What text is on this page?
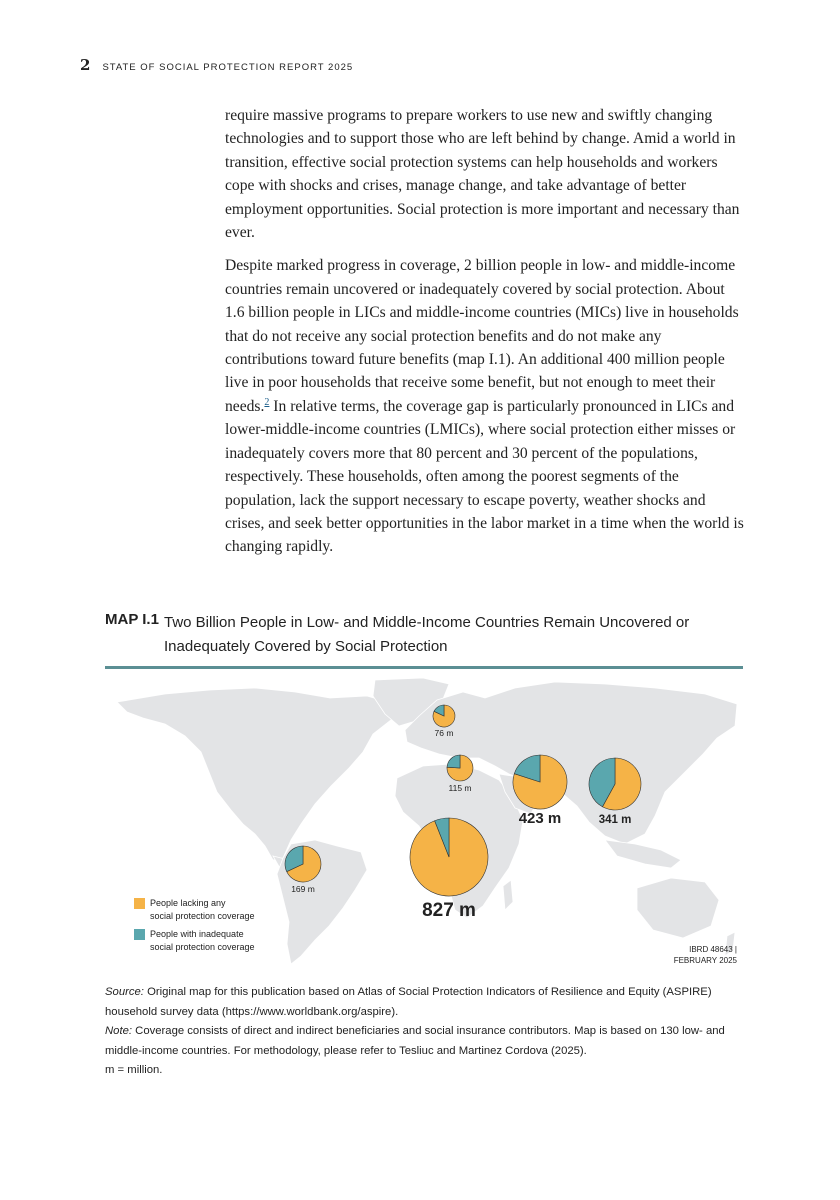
2 STATE OF SOCIAL PROTECTION REPORT 2025

require massive programs to prepare workers to use new and swiftly changing technologies and to support those who are left behind by change. Amid a world in transition, effective social protection systems can help households and workers cope with shocks and crises, manage change, and take advantage of better employment opportunities. Social protection is more important and necessary than ever.

Despite marked progress in coverage, 2 billion people in low- and middle-income countries remain uncovered or inadequately covered by social protection. About 1.6 billion people in LICs and middle-income countries (MICs) live in households that do not receive any social protection benefits and do not make any contributions toward future benefits (map I.1). An additional 400 million people live in poor households that receive some benefit, but not enough to meet their needs.$^2$ In relative terms, the coverage gap is particularly pronounced in LICs and lower-middle-income countries (LMICs), where social protection either misses or inadequately covers more that 80 percent and 30 percent of the populations, respectively. These households, often among the poorest segments of the population, lack the support necessary to escape poverty, weather shocks and crises, and seek better opportunities in the labor market in a time when the world is changing rapidly.

MAP I.1 Two Billion People in Low- and Middle-Income Countries Remain Uncovered or Inadequately Covered by Social Protection
76 m
115 m
423 m	341 m
169 m
827 m
People lacking any
social protection coverage
People with inadequate
social protection coverage	IBRD 48643 |
FEBRUARY 2025

Source: Original map for this publication based on Atlas of Social Protection Indicators of Resilience and Equity (ASPIRE) household survey data (https://www.worldbank.org/aspire).

Note: Coverage consists of direct and indirect beneficiaries and social insurance contributors. Map is based on 130 low- and middle-income countries. For methodology, please refer to Tesliuc and Martinez Cordova (2025).

m = million.
